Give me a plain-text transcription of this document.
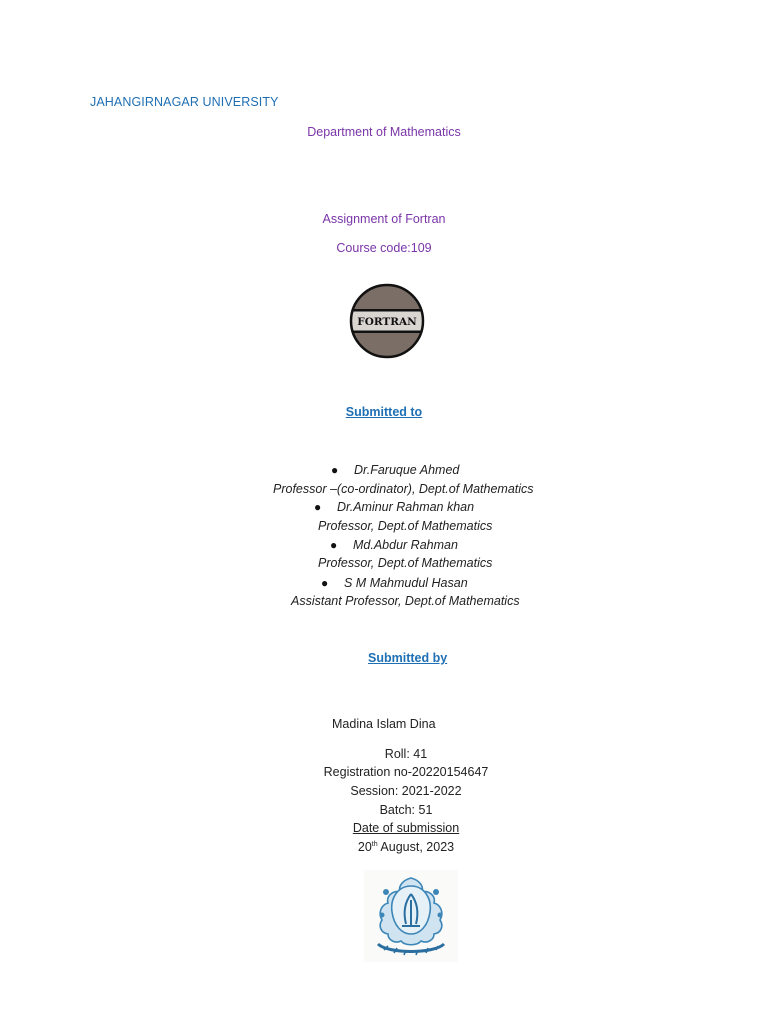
JAHANGIRNAGAR UNIVERSITY
Department of Mathematics
Assignment of Fortran
Course code:109
FORTRAN
Submitted to
● Dr.Faruque Ahmed
Professor –(co-ordinator), Dept.of Mathematics
● Dr.Aminur Rahman khan
Professor, Dept.of Mathematics
● Md.Abdur Rahman
Professor, Dept.of Mathematics
● S M Mahmudul Hasan
Assistant Professor, Dept.of Mathematics
Submitted by
Madina Islam Dina
Roll: 41
Registration no-20220154647
Session: 2021-2022
Batch: 51
Date of submission
20th August, 2023
